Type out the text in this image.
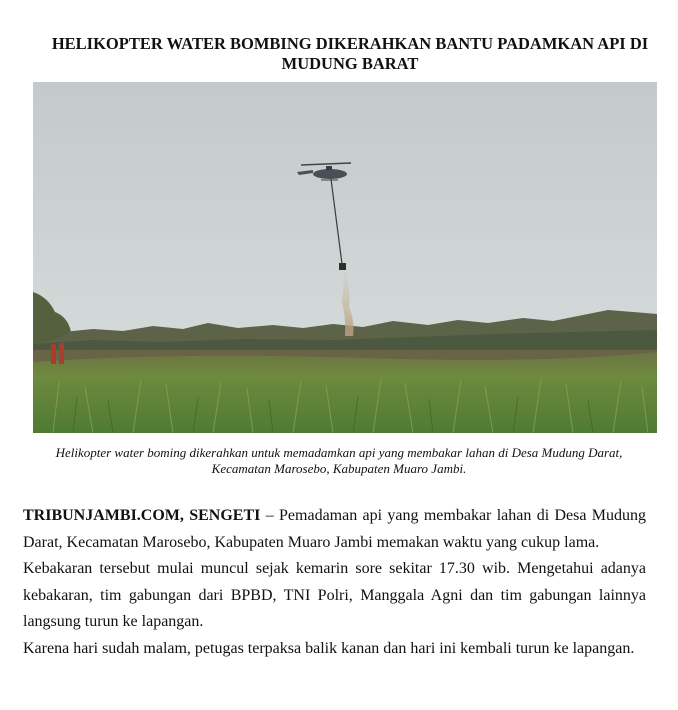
HELIKOPTER WATER BOMBING DIKERAHKAN BANTU PADAMKAN API DI MUDUNG BARAT
Helikopter water boming dikerahkan untuk memadamkan api yang membakar lahan di Desa Mudung Darat, Kecamatan Marosebo, Kabupaten Muaro Jambi.

TRIBUNJAMBI.COM, SENGETI – Pemadaman api yang membakar lahan di Desa Mudung Darat, Kecamatan Marosebo, Kabupaten Muaro Jambi memakan waktu yang cukup lama.

Kebakaran tersebut mulai muncul sejak kemarin sore sekitar 17.30 wib. Mengetahui adanya kebakaran, tim gabungan dari BPBD, TNI Polri, Manggala Agni dan tim gabungan lainnya langsung turun ke lapangan.

Karena hari sudah malam, petugas terpaksa balik kanan dan hari ini kembali turun ke lapangan.
